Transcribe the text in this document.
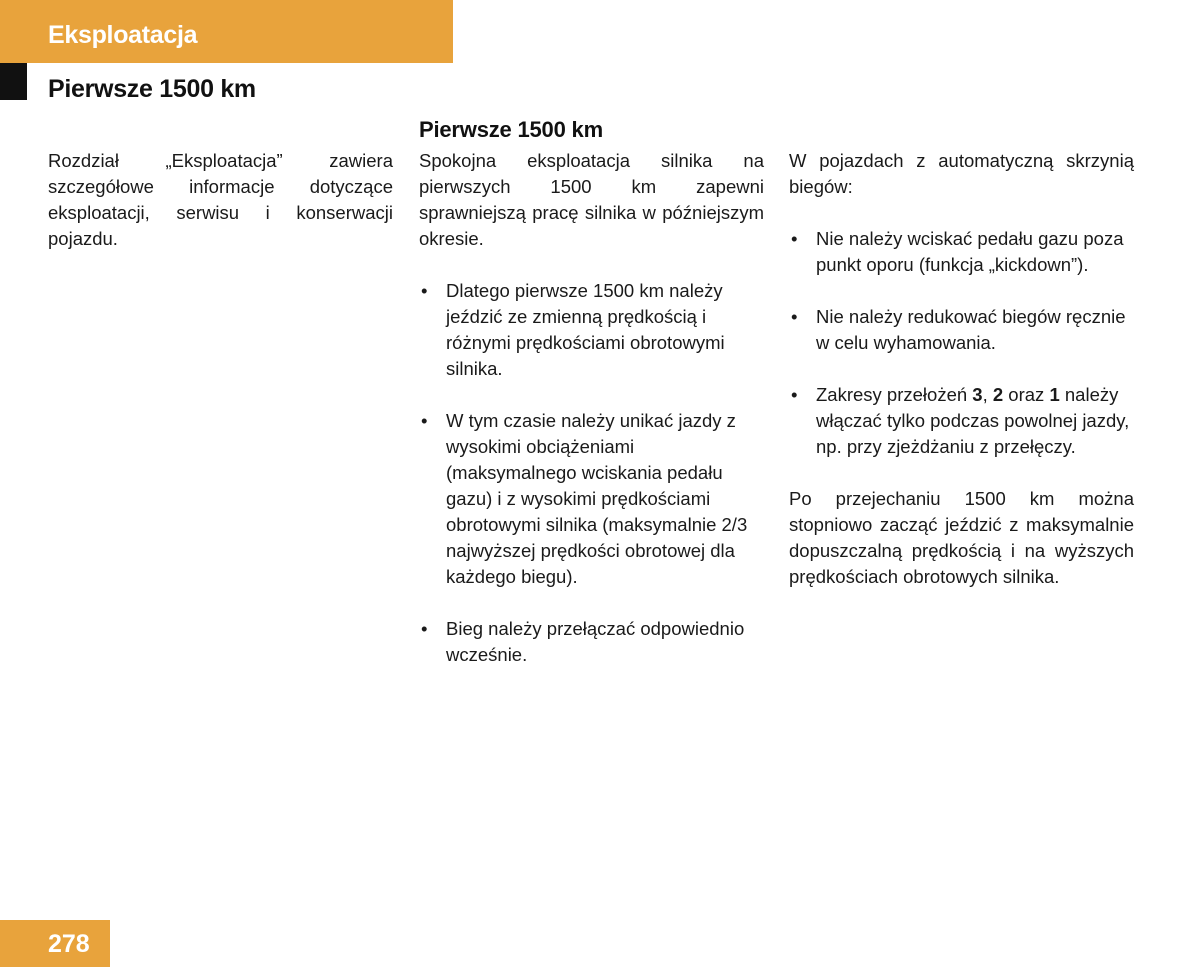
Eksploatacja
Pierwsze 1500 km

Rozdział „Eksploatacja” zawiera szczegółowe informacje dotyczące eksploatacji, serwisu i konserwacji pojazdu.

Pierwsze 1500 km

Spokojna eksploatacja silnika na pierwszych 1500 km zapewni sprawniejszą pracę silnika w późniejszym okresie.

• Dlatego pierwsze 1500 km należy jeździć ze zmienną prędkością i różnymi prędkościami obrotowymi silnika.
• W tym czasie należy unikać jazdy z wysokimi obciążeniami (maksymalnego wciskania pedału gazu) i z wysokimi prędkościami obrotowymi silnika (maksymalnie 2/3 najwyższej prędkości obrotowej dla każdego biegu).
• Bieg należy przełączać odpowiednio wcześnie.

W pojazdach z automatyczną skrzynią biegów:

• Nie należy wciskać pedału gazu poza punkt oporu (funkcja „kickdown”).
• Nie należy redukować biegów ręcznie w celu wyhamowania.
• Zakresy przełożeń 3, 2 oraz 1 należy włączać tylko podczas powolnej jazdy, np. przy zjeżdżaniu z przełęczy.

Po przejechaniu 1500 km można stopniowo zacząć jeździć z maksymalnie dopuszczalną prędkością i na wyższych prędkościach obrotowych silnika.

278
